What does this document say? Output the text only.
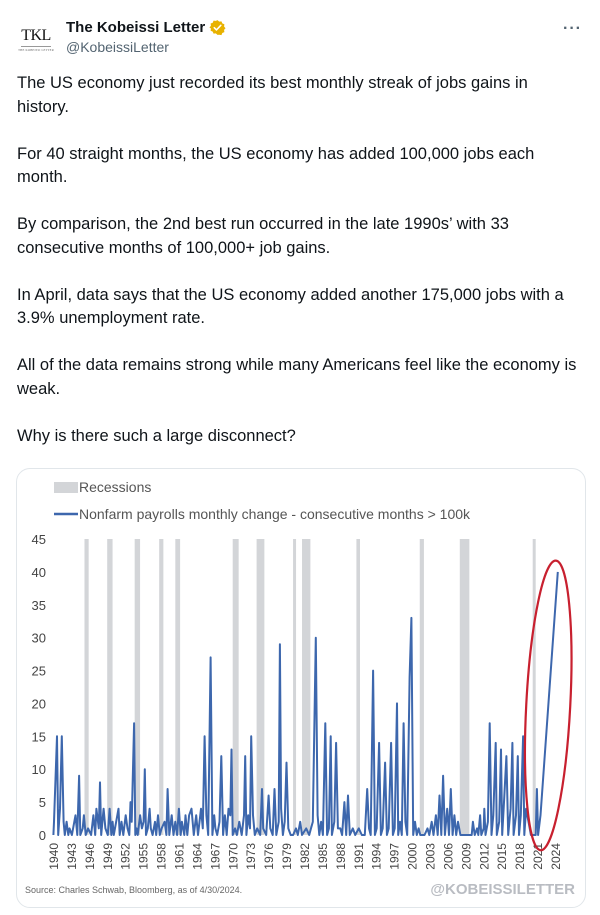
TKL
THE KOBEISSI LETTER
The Kobeissi Letter
@KobeissiLetter
···

The US economy just recorded its best monthly streak of jobs gains in history.

For 40 straight months, the US economy has added 100,000 jobs each month.

By comparison, the 2nd best run occurred in the late 1990s’ with 33 consecutive months of 100,000+ job gains.

In April, data says that the US economy added another 175,000 jobs with a 3.9% unemployment rate.

All of the data remains strong while many Americans feel like the economy is weak.

Why is there such a large disconnect?

Recessions
Nonfarm payrolls monthly change - consecutive months > 100k
0
5
10
15
20
25
30
35
40
45
1940 1943 1946 1949 1952 1955 1958 1961 1964 1967 1970 1973 1976 1979 1982 1985 1988 1991 1994 1997 2000 2003 2006 2009 2012 2015 2018 2021 2024
Source: Charles Schwab, Bloomberg, as of 4/30/2024.	@KOBEISSILETTER
